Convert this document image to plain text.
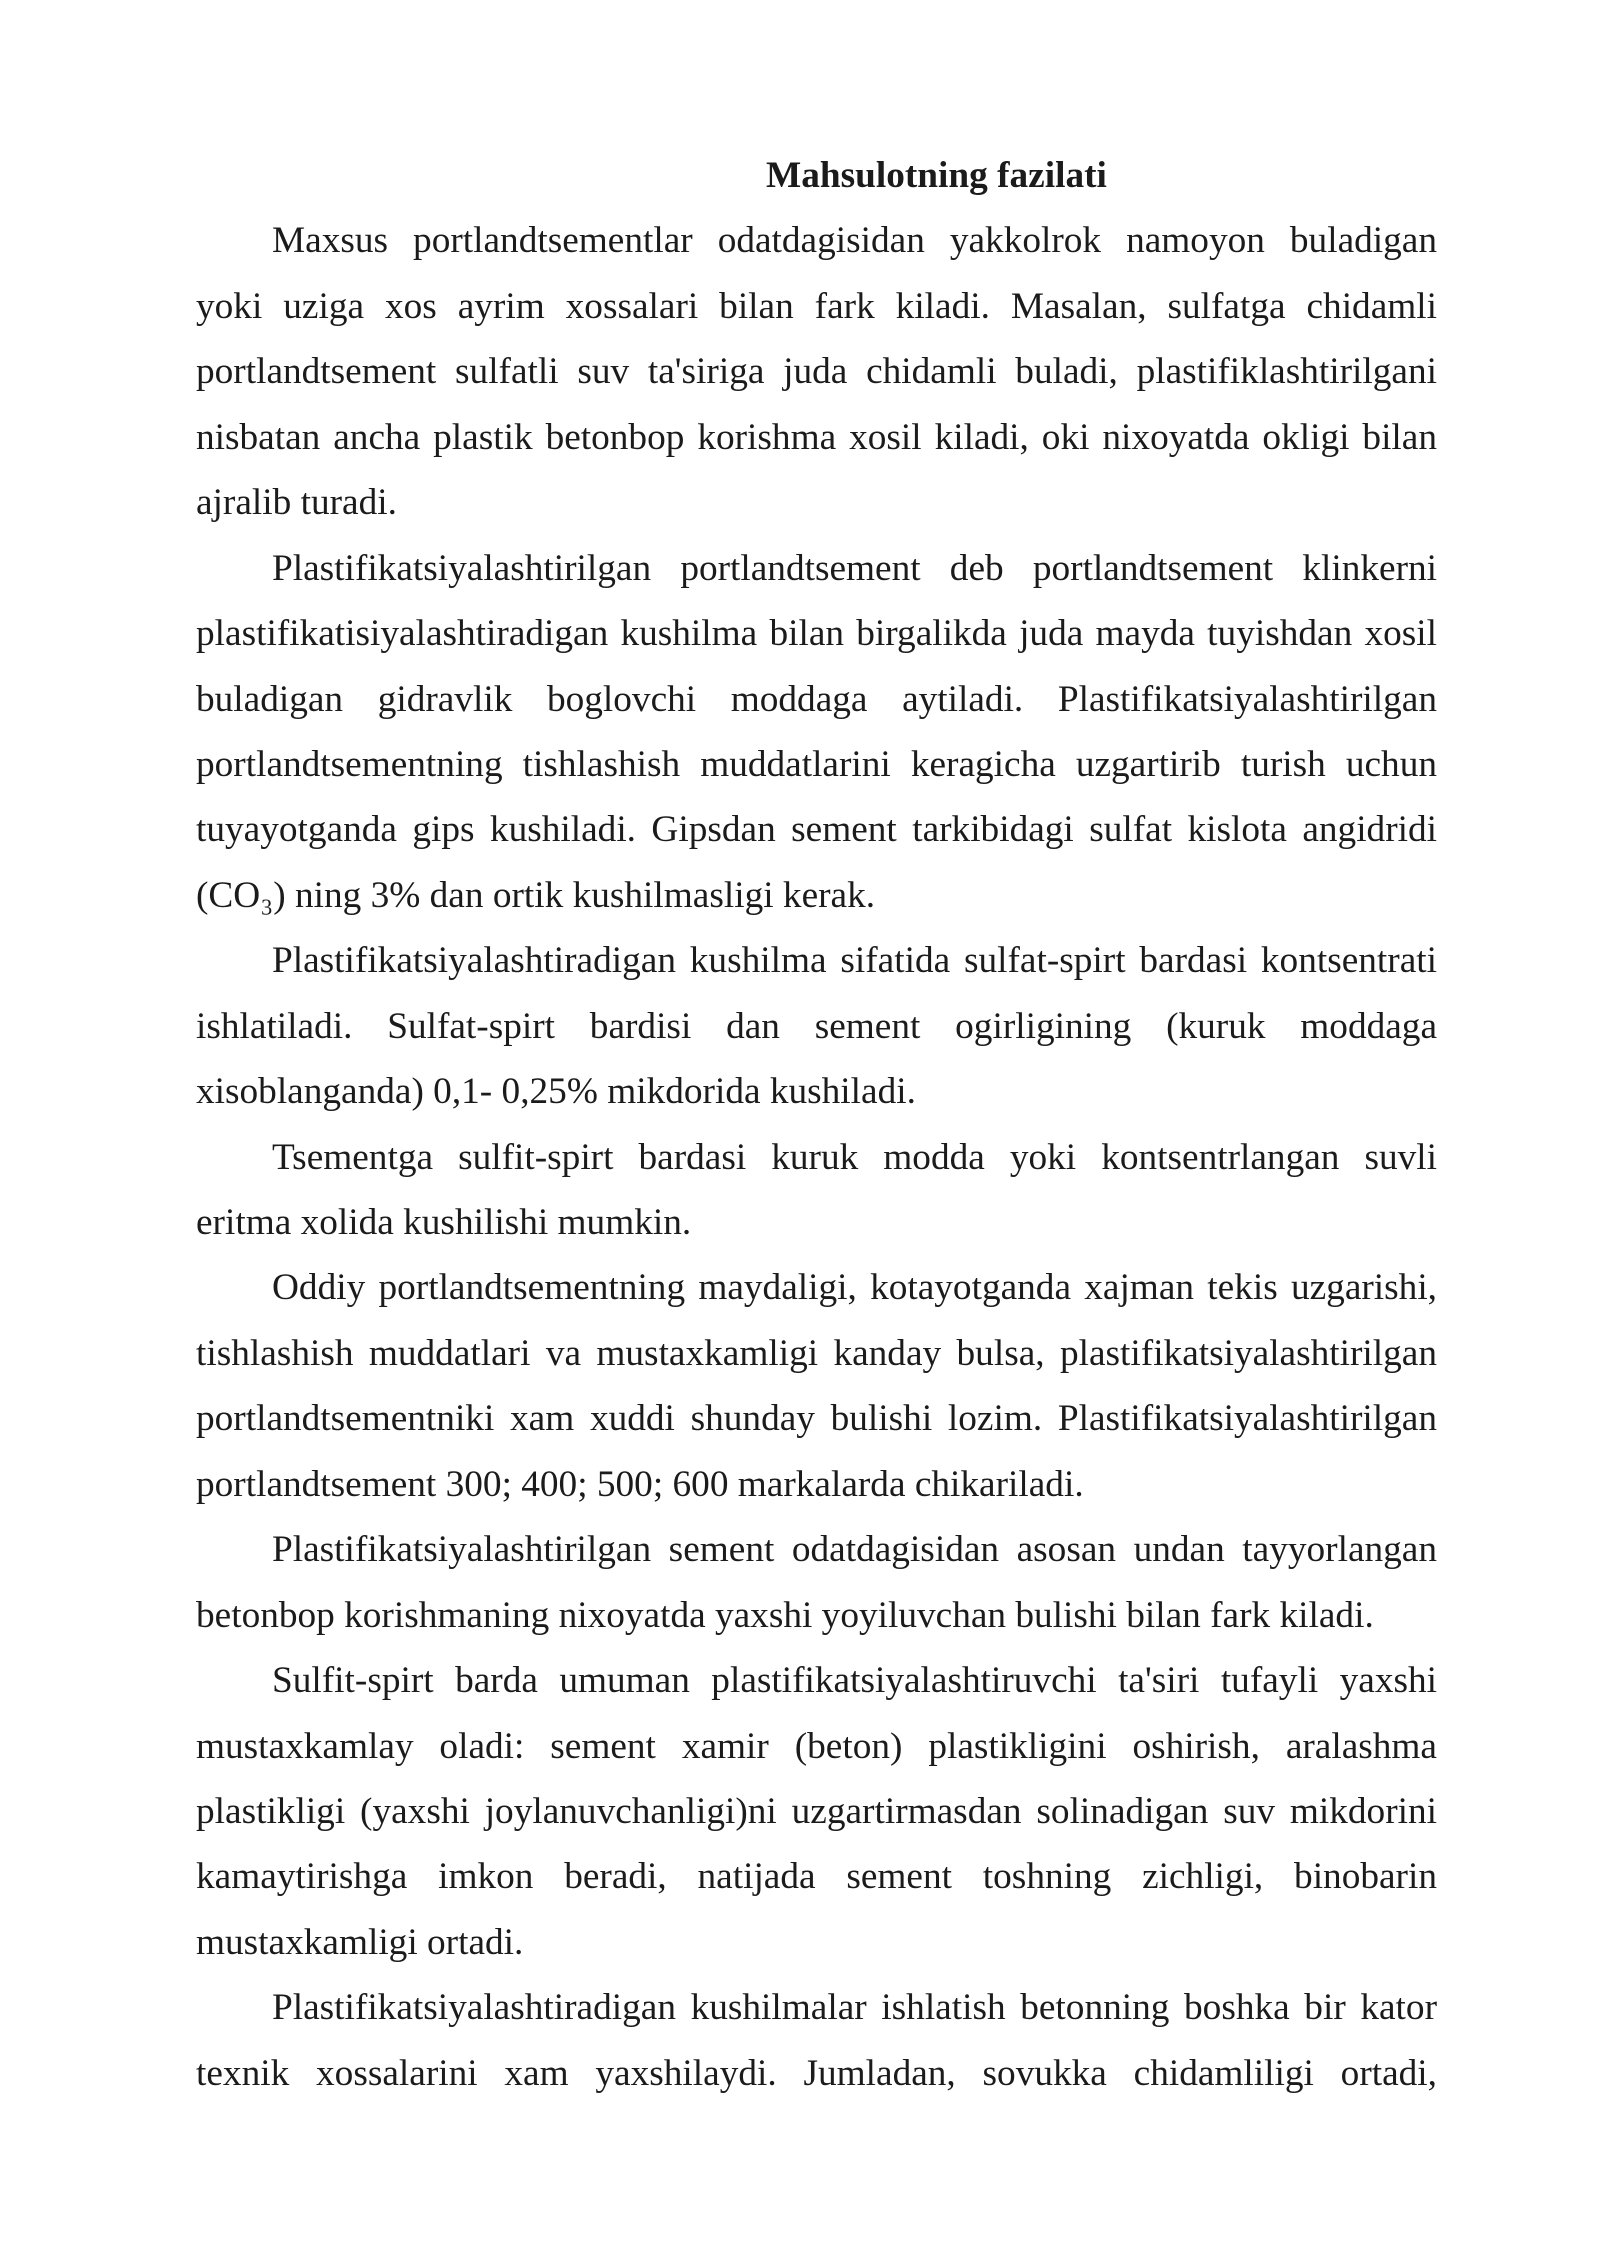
Mahsulotning fazilati
Maxsus portlandtsementlar odatdagisidan yakkolrok namoyon buladigan
yoki uziga xos ayrim xossalari bilan fark kiladi. Masalan, sulfatga chidamli
portlandtsement sulfatli suv ta'siriga juda chidamli buladi, plastifiklashtirilgani
nisbatan ancha plastik betonbop korishma xosil kiladi, oki nixoyatda okligi bilan
ajralib turadi.
Plastifikatsiyalashtirilgan portlandtsement deb portlandtsement klinkerni
plastifikatisiyalashtiradigan kushilma bilan birgalikda juda mayda tuyishdan xosil
buladigan gidravlik boglovchi moddaga aytiladi. Plastifikatsiyalashtirilgan
portlandtsementning tishlashish muddatlarini keragicha uzgartirib turish uchun
tuyayotganda gips kushiladi. Gipsdan sement tarkibidagi sulfat kislota angidridi
(CO₃) ning 3% dan ortik kushilmasligi kerak.
Plastifikatsiyalashtiradigan kushilma sifatida sulfat-spirt bardasi kontsentrati
ishlatiladi. Sulfat-spirt bardisi dan sement ogirligining (kuruk moddaga
xisoblanganda) 0,1- 0,25% mikdorida kushiladi.
Tsementga sulfit-spirt bardasi kuruk modda yoki kontsentrlangan suvli
eritma xolida kushilishi mumkin.
Oddiy portlandtsementning maydaligi, kotayotganda xajman tekis uzgarishi,
tishlashish muddatlari va mustaxkamligi kanday bulsa, plastifikatsiyalashtirilgan
portlandtsementniki xam xuddi shunday bulishi lozim. Plastifikatsiyalashtirilgan
portlandtsement 300; 400; 500; 600 markalarda chikariladi.
Plastifikatsiyalashtirilgan sement odatdagisidan asosan undan tayyorlangan
betonbop korishmaning nixoyatda yaxshi yoyiluvchan bulishi bilan fark kiladi.
Sulfit-spirt barda umuman plastifikatsiyalashtiruvchi ta'siri tufayli yaxshi
mustaxkamlay oladi: sement xamir (beton) plastikligini oshirish, aralashma
plastikligi (yaxshi joylanuvchanligi)ni uzgartirmasdan solinadigan suv mikdorini
kamaytirishga imkon beradi, natijada sement toshning zichligi, binobarin
mustaxkamligi ortadi.
Plastifikatsiyalashtiradigan kushilmalar ishlatish betonning boshka bir kator
texnik xossalarini xam yaxshilaydi. Jumladan, sovukka chidamliligi ortadi,
